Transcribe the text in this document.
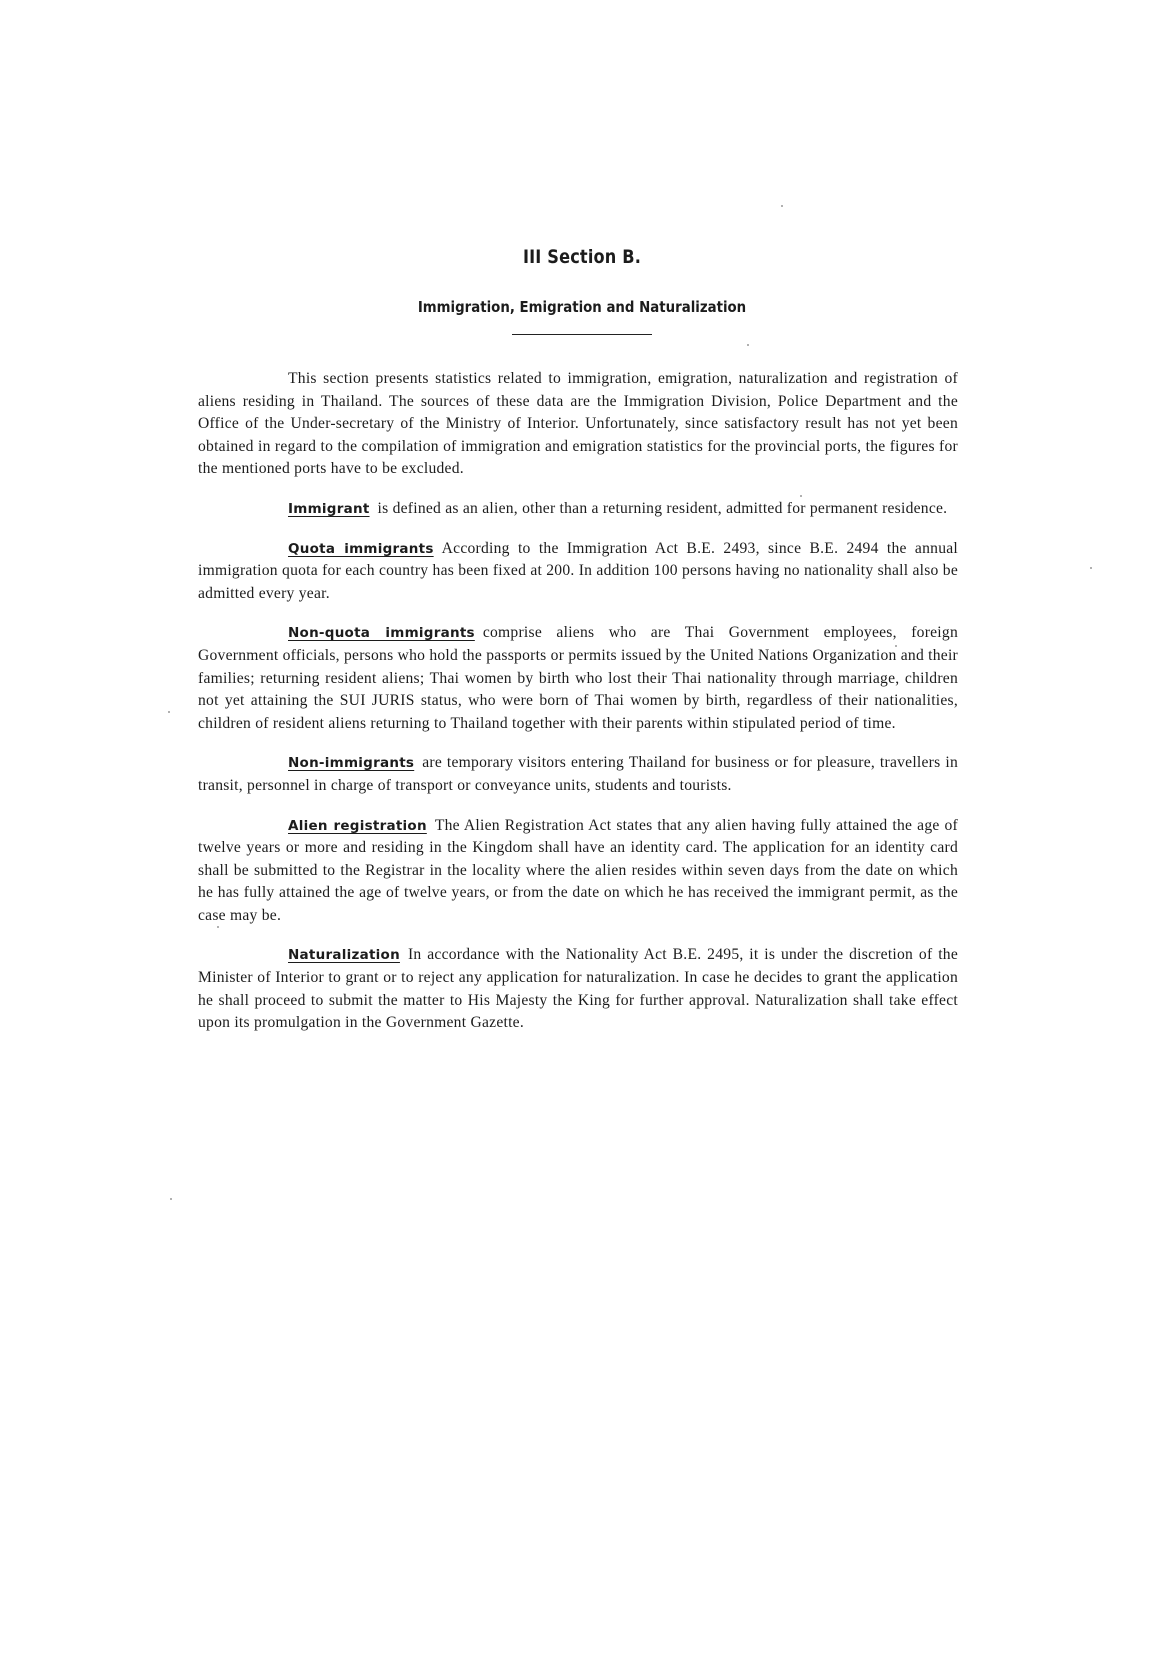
III Section B.
Immigration, Emigration and Naturalization

This section presents statistics related to immigration, emigration, naturalization and registration of aliens residing in Thailand. The sources of these data are the Immigration Division, Police Department and the Office of the Under-secretary of the Ministry of Interior. Unfortunately, since satisfactory result has not yet been obtained in regard to the compilation of immigration and emigration statistics for the provincial ports, the figures for the mentioned ports have to be excluded.

Immigrant is defined as an alien, other than a returning resident, admitted for permanent residence.

Quota immigrants According to the Immigration Act B.E. 2493, since B.E. 2494 the annual immigration quota for each country has been fixed at 200. In addition 100 persons having no nationality shall also be admitted every year.

Non-quota immigrants comprise aliens who are Thai Government employees, foreign Government officials, persons who hold the passports or permits issued by the United Nations Organization and their families; returning resident aliens; Thai women by birth who lost their Thai nationality through marriage, children not yet attaining the SUI JURIS status, who were born of Thai women by birth, regardless of their nationalities, children of resident aliens returning to Thailand together with their parents within stipulated period of time.

Non-immigrants are temporary visitors entering Thailand for business or for pleasure, travellers in transit, personnel in charge of transport or conveyance units, students and tourists.

Alien registration The Alien Registration Act states that any alien having fully attained the age of twelve years or more and residing in the Kingdom shall have an identity card. The application for an identity card shall be submitted to the Registrar in the locality where the alien resides within seven days from the date on which he has fully attained the age of twelve years, or from the date on which he has received the immigrant permit, as the case may be.

Naturalization In accordance with the Nationality Act B.E. 2495, it is under the discretion of the Minister of Interior to grant or to reject any application for naturalization. In case he decides to grant the application he shall proceed to submit the matter to His Majesty the King for further approval. Naturalization shall take effect upon its promulgation in the Government Gazette.
